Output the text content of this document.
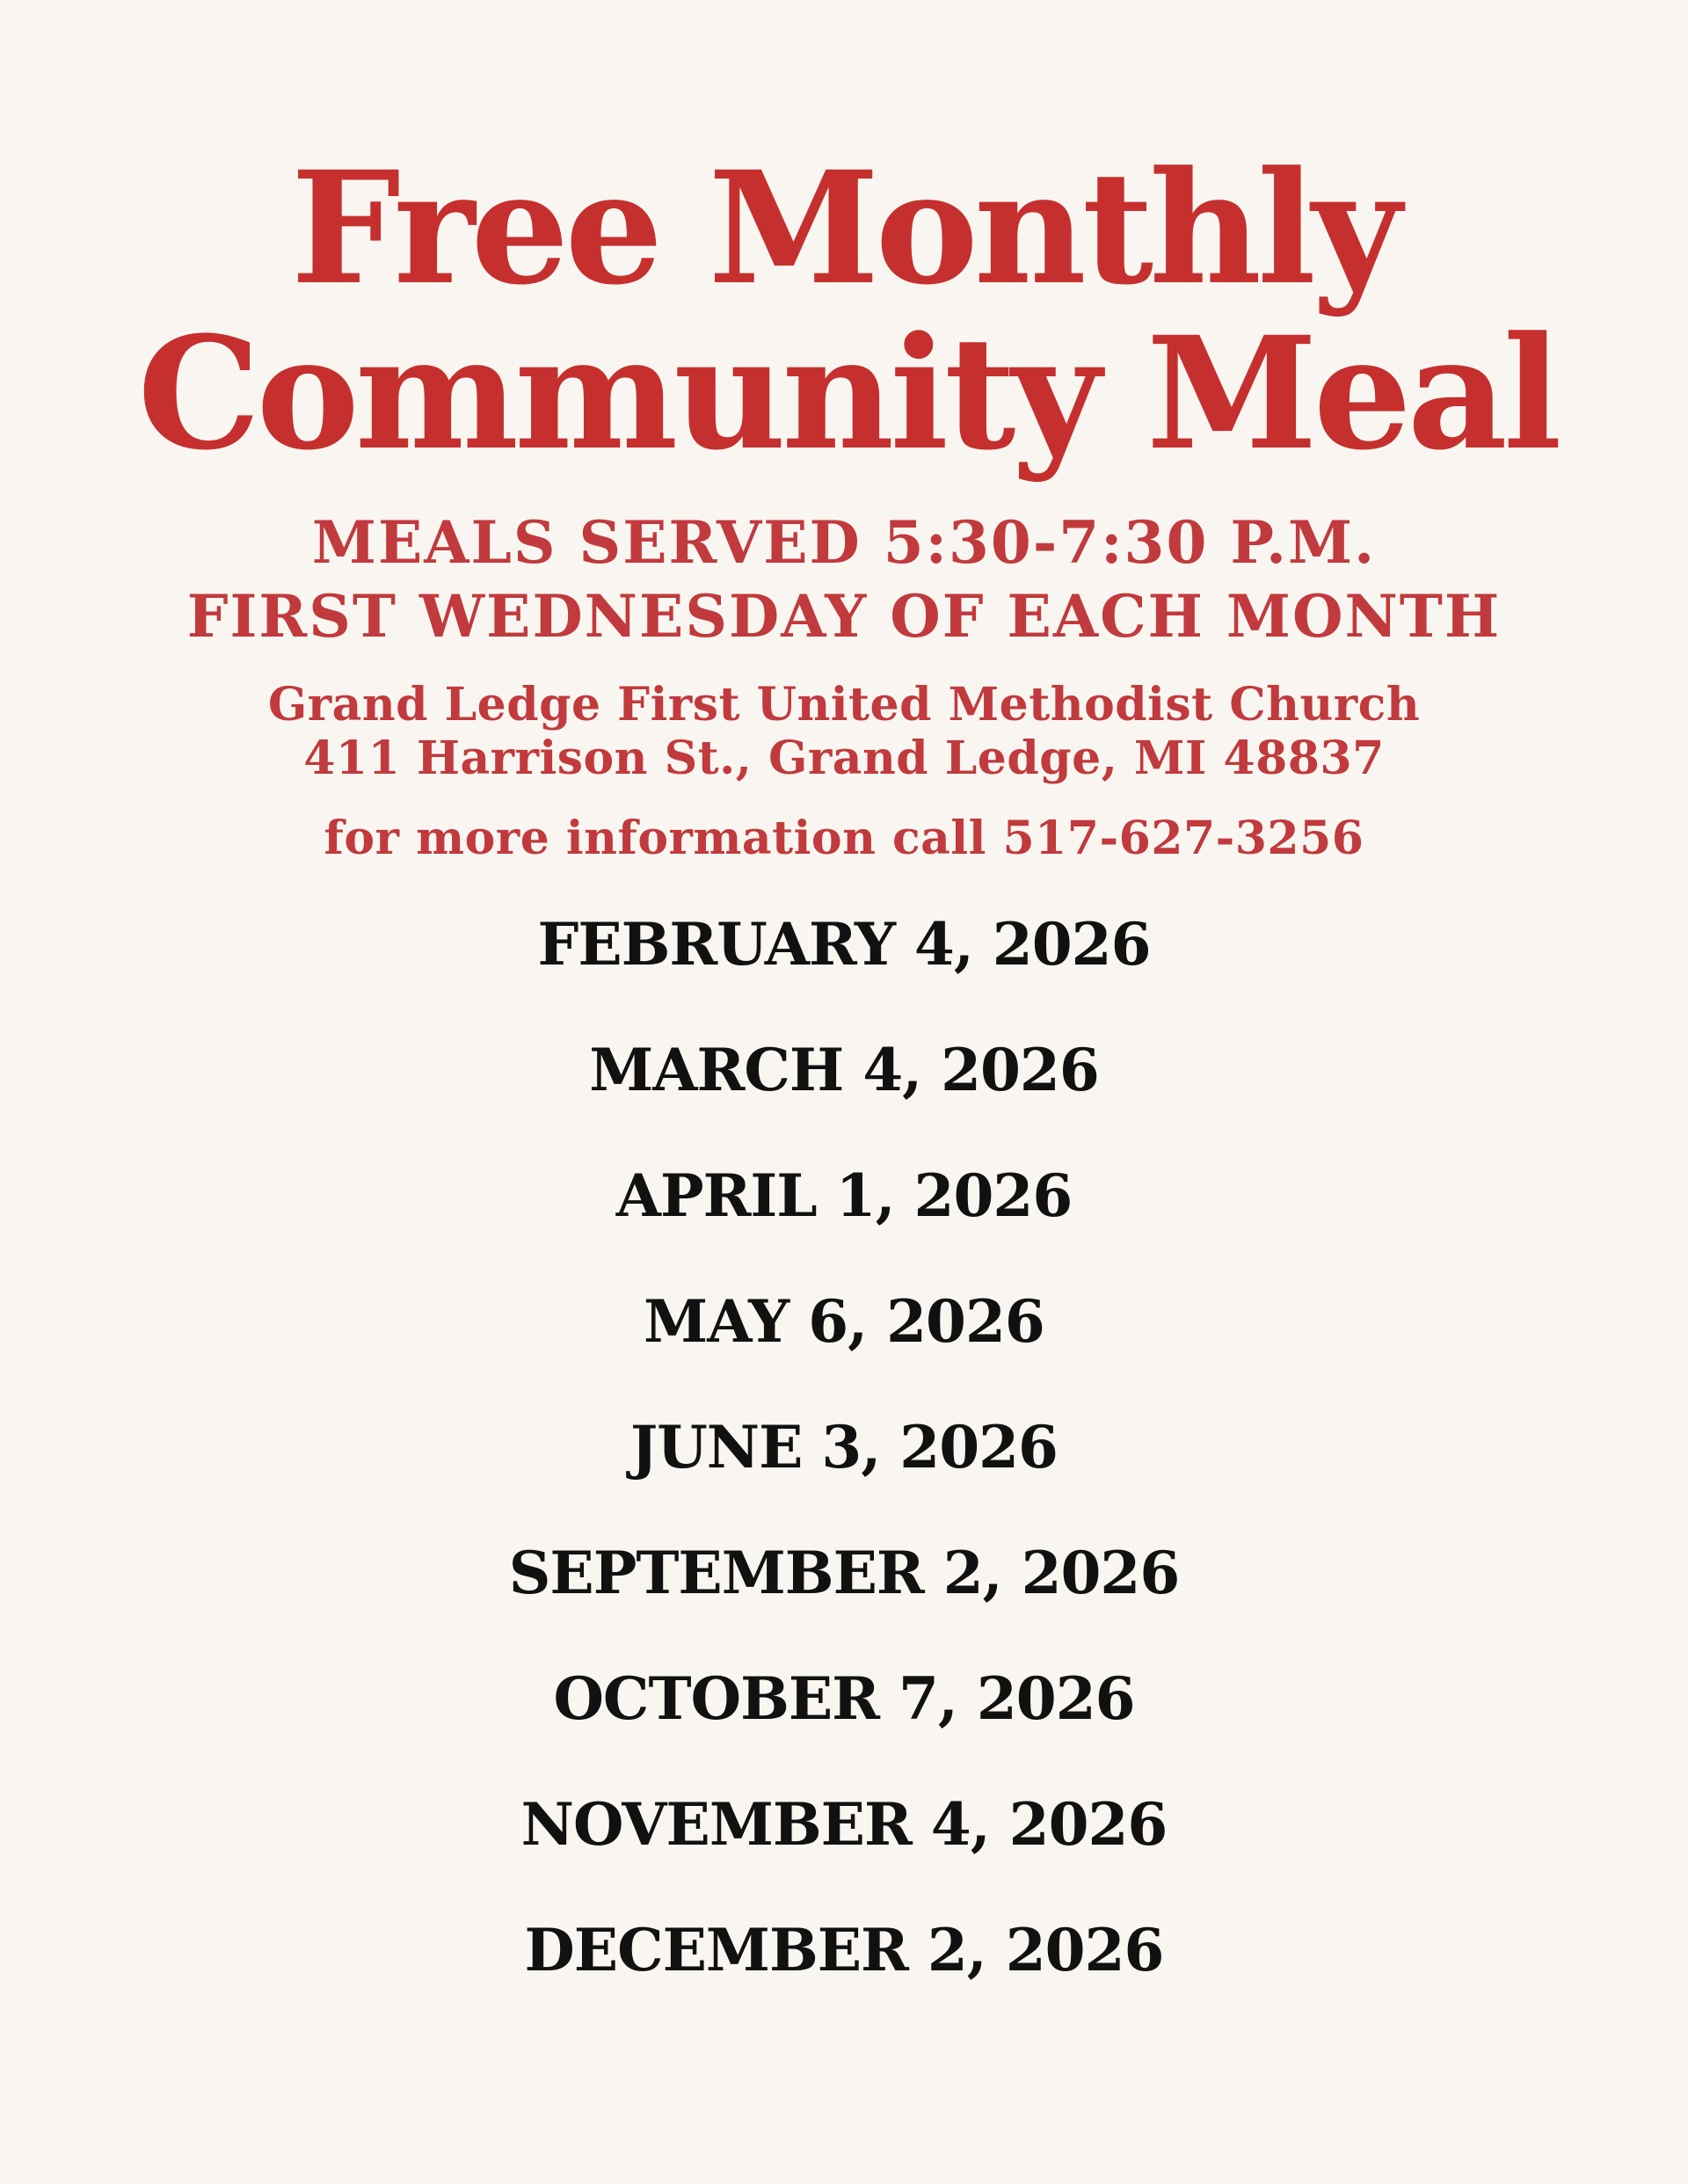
Free Monthly
Community Meal

MEALS SERVED 5:30-7:30 P.M.

FIRST WEDNESDAY OF EACH MONTH

Grand Ledge First United Methodist Church

411 Harrison St., Grand Ledge, MI 48837

for more information call 517-627-3256

FEBRUARY 4, 2026
MARCH 4, 2026
APRIL 1, 2026
MAY 6, 2026
JUNE 3, 2026
SEPTEMBER 2, 2026
OCTOBER 7, 2026
NOVEMBER 4, 2026
DECEMBER 2, 2026
